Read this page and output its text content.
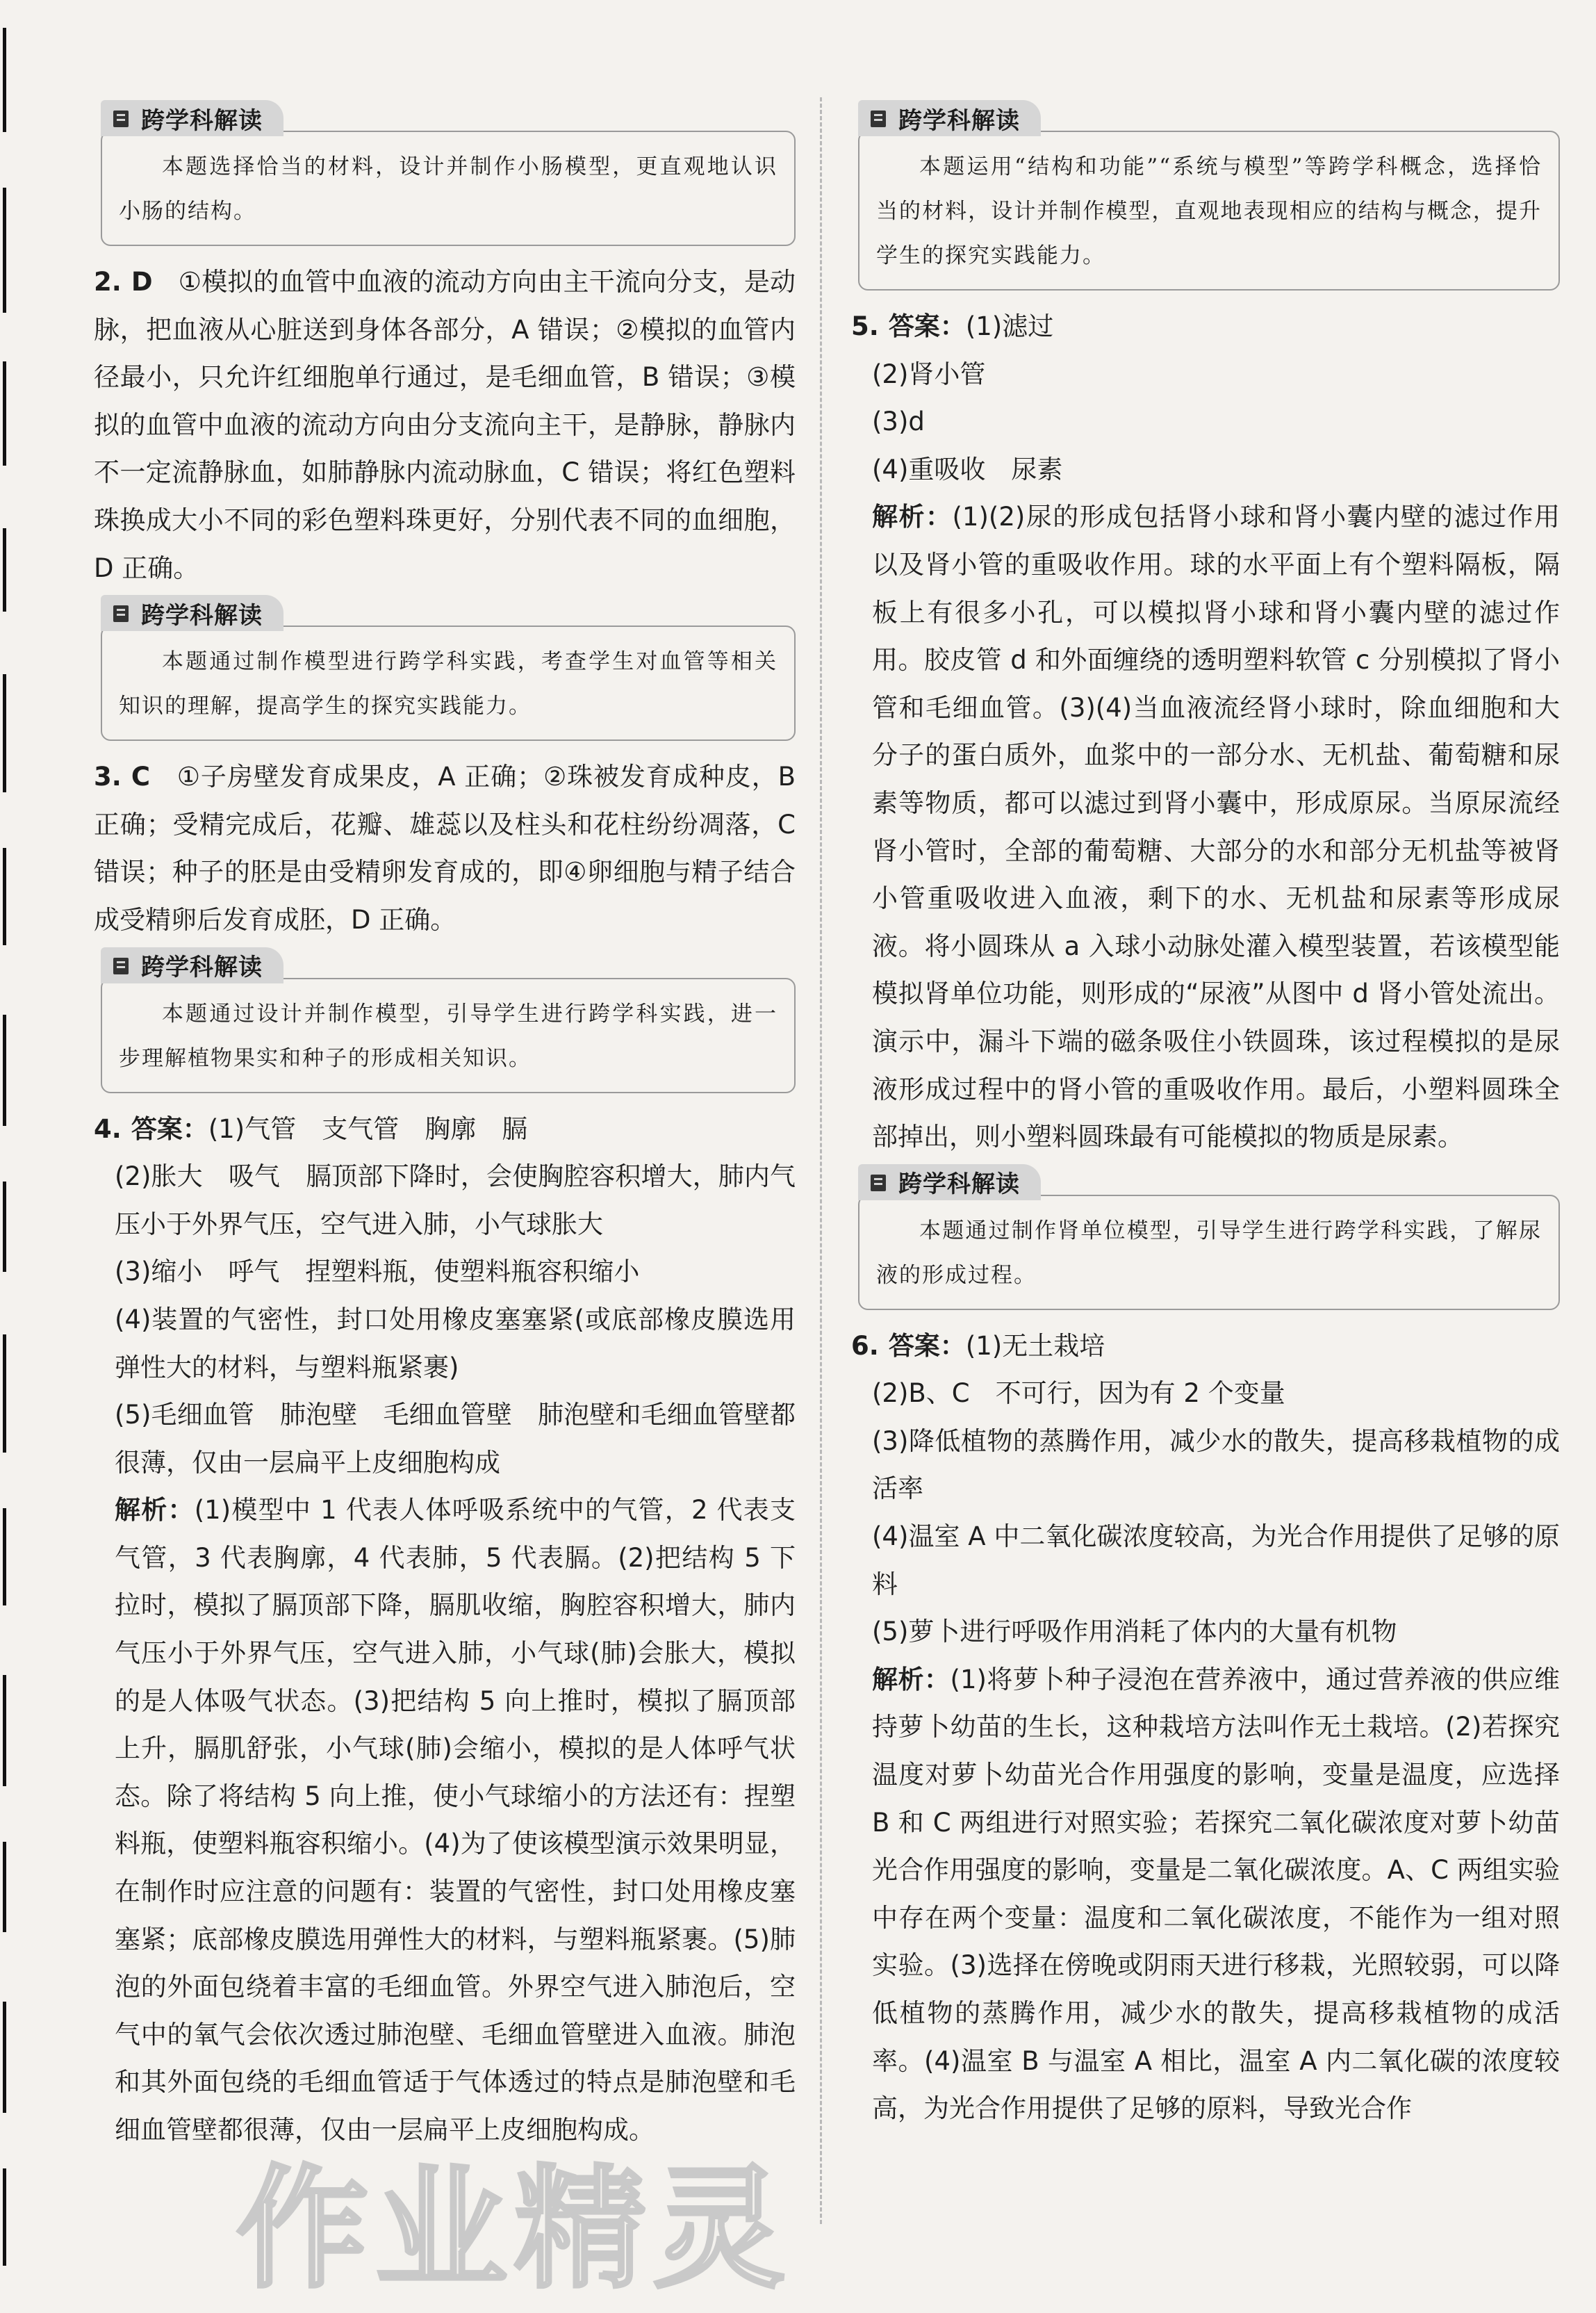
跨学科解读

本题选择恰当的材料，设计并制作小肠模型，更直观地认识小肠的结构。

2. D　 ①模拟的血管中血液的流动方向由主干流向分支，是动脉，把血液从心脏送到身体各部分，A 错误；②模拟的血管内径最小，只允许红细胞单行通过，是毛细血管，B 错误；③模拟的血管中血液的流动方向由分支流向主干，是静脉，静脉内不一定流静脉血，如肺静脉内流动脉血，C 错误；将红色塑料珠换成大小不同的彩色塑料珠更好，分别代表不同的血细胞，D 正确。

跨学科解读

本题通过制作模型进行跨学科实践，考查学生对血管等相关知识的理解，提高学生的探究实践能力。

3. C　 ①子房壁发育成果皮，A 正确；②珠被发育成种皮，B 正确；受精完成后，花瓣、雄蕊以及柱头和花柱纷纷凋落，C 错误；种子的胚是由受精卵发育成的，即④卵细胞与精子结合成受精卵后发育成胚，D 正确。

跨学科解读

本题通过设计并制作模型，引导学生进行跨学科实践，进一步理解植物果实和种子的形成相关知识。

4. 答案：(1)气管　支气管　胸廓　膈

(2)胀大　吸气　膈顶部下降时，会使胸腔容积增大，肺内气压小于外界气压，空气进入肺，小气球胀大

(3)缩小　呼气　捏塑料瓶，使塑料瓶容积缩小

(4)装置的气密性，封口处用橡皮塞塞紧(或底部橡皮膜选用弹性大的材料，与塑料瓶紧裹)

(5)毛细血管　肺泡壁　毛细血管壁　肺泡壁和毛细血管壁都很薄，仅由一层扁平上皮细胞构成

解析：(1)模型中 1 代表人体呼吸系统中的气管，2 代表支气管，3 代表胸廓，4 代表肺，5 代表膈。(2)把结构 5 下拉时，模拟了膈顶部下降，膈肌收缩，胸腔容积增大，肺内气压小于外界气压，空气进入肺，小气球(肺)会胀大，模拟的是人体吸气状态。(3)把结构 5 向上推时，模拟了膈顶部上升，膈肌舒张，小气球(肺)会缩小，模拟的是人体呼气状态。除了将结构 5 向上推，使小气球缩小的方法还有：捏塑料瓶，使塑料瓶容积缩小。(4)为了使该模型演示效果明显，在制作时应注意的问题有：装置的气密性，封口处用橡皮塞塞紧；底部橡皮膜选用弹性大的材料，与塑料瓶紧裹。(5)肺泡的外面包绕着丰富的毛细血管。外界空气进入肺泡后，空气中的氧气会依次透过肺泡壁、毛细血管壁进入血液。肺泡和其外面包绕的毛细血管适于气体透过的特点是肺泡壁和毛细血管壁都很薄，仅由一层扁平上皮细胞构成。

跨学科解读

本题运用“结构和功能”“系统与模型”等跨学科概念，选择恰当的材料，设计并制作模型，直观地表现相应的结构与概念，提升学生的探究实践能力。

5. 答案：(1)滤过

(2)肾小管

(3)d

(4)重吸收　尿素

解析：(1)(2)尿的形成包括肾小球和肾小囊内壁的滤过作用以及肾小管的重吸收作用。球的水平面上有个塑料隔板，隔板上有很多小孔，可以模拟肾小球和肾小囊内壁的滤过作用。胶皮管 d 和外面缠绕的透明塑料软管 c 分别模拟了肾小管和毛细血管。(3)(4)当血液流经肾小球时，除血细胞和大分子的蛋白质外，血浆中的一部分水、无机盐、葡萄糖和尿素等物质，都可以滤过到肾小囊中，形成原尿。当原尿流经肾小管时，全部的葡萄糖、大部分的水和部分无机盐等被肾小管重吸收进入血液，剩下的水、无机盐和尿素等形成尿液。将小圆珠从 a 入球小动脉处灌入模型装置，若该模型能模拟肾单位功能，则形成的“尿液”从图中 d 肾小管处流出。演示中，漏斗下端的磁条吸住小铁圆珠，该过程模拟的是尿液形成过程中的肾小管的重吸收作用。最后，小塑料圆珠全部掉出，则小塑料圆珠最有可能模拟的物质是尿素。

跨学科解读

本题通过制作肾单位模型，引导学生进行跨学科实践，了解尿液的形成过程。

6. 答案：(1)无土栽培

(2)B、C　不可行，因为有 2 个变量

(3)降低植物的蒸腾作用，减少水的散失，提高移栽植物的成活率

(4)温室 A 中二氧化碳浓度较高，为光合作用提供了足够的原料

(5)萝卜进行呼吸作用消耗了体内的大量有机物

解析：(1)将萝卜种子浸泡在营养液中，通过营养液的供应维持萝卜幼苗的生长，这种栽培方法叫作无土栽培。(2)若探究温度对萝卜幼苗光合作用强度的影响，变量是温度，应选择 B 和 C 两组进行对照实验；若探究二氧化碳浓度对萝卜幼苗光合作用强度的影响，变量是二氧化碳浓度。A、C 两组实验中存在两个变量：温度和二氧化碳浓度，不能作为一组对照实验。(3)选择在傍晚或阴雨天进行移栽，光照较弱，可以降低植物的蒸腾作用，减少水的散失，提高移栽植物的成活率。(4)温室 B 与温室 A 相比，温室 A 内二氧化碳的浓度较高，为光合作用提供了足够的原料，导致光合作

作业精灵
